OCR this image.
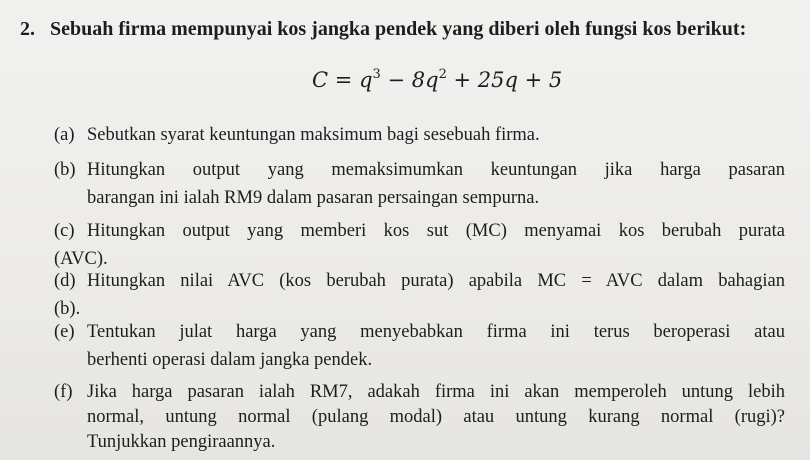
2. Sebuah firma mempunyai kos jangka pendek yang diberi oleh fungsi kos berikut:
$C = q^3 - 8q^2 + 25q + 5$
(a) Sebutkan syarat keuntungan maksimum bagi sesebuah firma.
(b) Hitungkan output yang memaksimumkan keuntungan jika harga pasaran
barangan ini ialah RM9 dalam pasaran persaingan sempurna.
(c) Hitungkan output yang memberi kos sut (MC) menyamai kos berubah purata
(AVC).
(d) Hitungkan nilai AVC (kos berubah purata) apabila MC = AVC dalam bahagian
(b).
(e) Tentukan julat harga yang menyebabkan firma ini terus beroperasi atau
berhenti operasi dalam jangka pendek.
(f) Jika harga pasaran ialah RM7, adakah firma ini akan memperoleh untung lebih
normal, untung normal (pulang modal) atau untung kurang normal (rugi)?
Tunjukkan pengiraannya.
